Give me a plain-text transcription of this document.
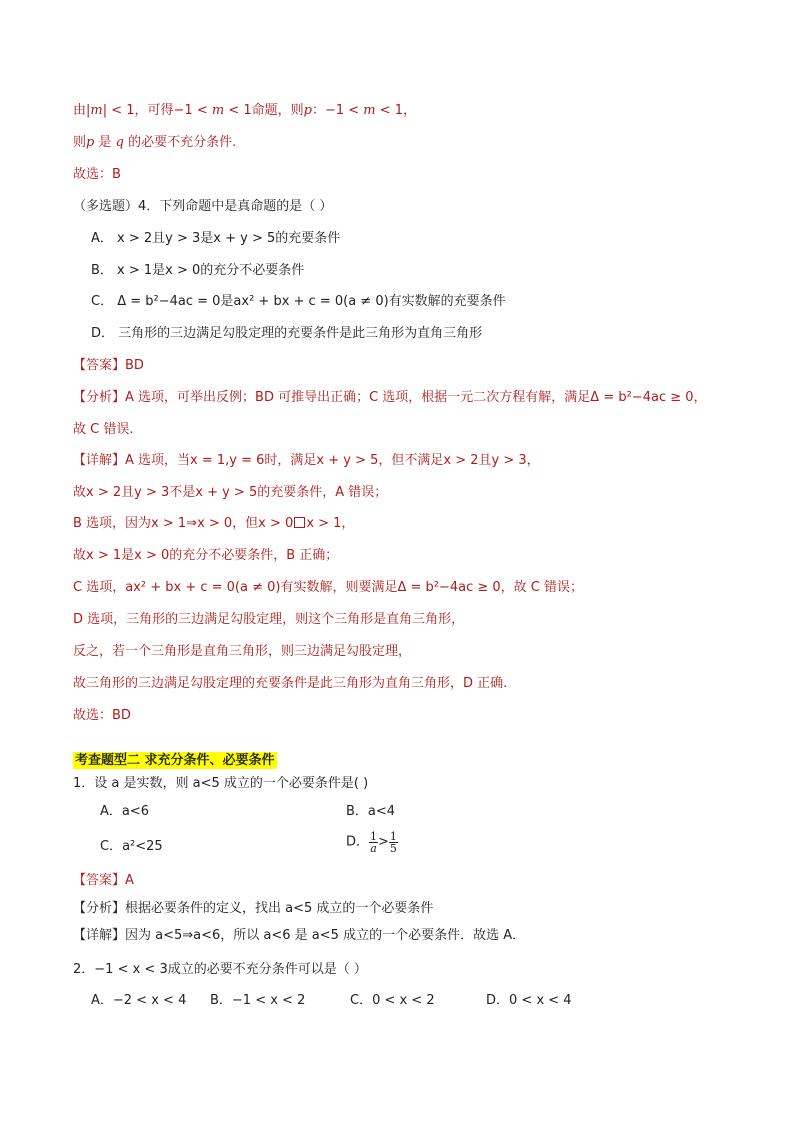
由|m| < 1，可得−1 < m < 1命题，则p：−1 < m < 1，
则p 是 q 的必要不充分条件.
故选：B
（多选题）4．下列命题中是真命题的是（ ）
A． x > 2且y > 3是x + y > 5的充要条件
B． x > 1是x > 0的充分不必要条件
C． Δ = b²−4ac = 0是ax² + bx + c = 0(a ≠ 0)有实数解的充要条件
D． 三角形的三边满足勾股定理的充要条件是此三角形为直角三角形
【答案】BD
【分析】A 选项，可举出反例；BD 可推导出正确；C 选项，根据一元二次方程有解，满足Δ = b²−4ac ≥ 0，
故 C 错误.
【详解】A 选项，当x = 1,y = 6时，满足x + y > 5，但不满足x > 2且y > 3，
故x > 2且y > 3不是x + y > 5的充要条件，A 错误；
B 选项，因为x > 1⇒x > 0，但x > 0 x > 1，
故x > 1是x > 0的充分不必要条件，B 正确；
C 选项，ax² + bx + c = 0(a ≠ 0)有实数解，则要满足Δ = b²−4ac ≥ 0，故 C 错误；
D 选项，三角形的三边满足勾股定理，则这个三角形是直角三角形，
反之，若一个三角形是直角三角形，则三边满足勾股定理，
故三角形的三边满足勾股定理的充要条件是此三角形为直角三角形，D 正确.
故选：BD
考查题型二 求充分条件、必要条件
1．设 a 是实数，则 a<5 成立的一个必要条件是( )
A．a<6	B．a<4
C．a²<25	D． $\frac{1}{a} > \frac{1}{5}$
【答案】A
【分析】根据必要条件的定义，找出 a<5 成立的一个必要条件
【详解】因为 a<5⇒a<6，所以 a<6 是 a<5 成立的一个必要条件．故选 A．
2．−1 < x < 3成立的必要不充分条件可以是（ ）
A．−2 < x < 4 B．−1 < x < 2	C．0 < x < 2	D．0 < x < 4
